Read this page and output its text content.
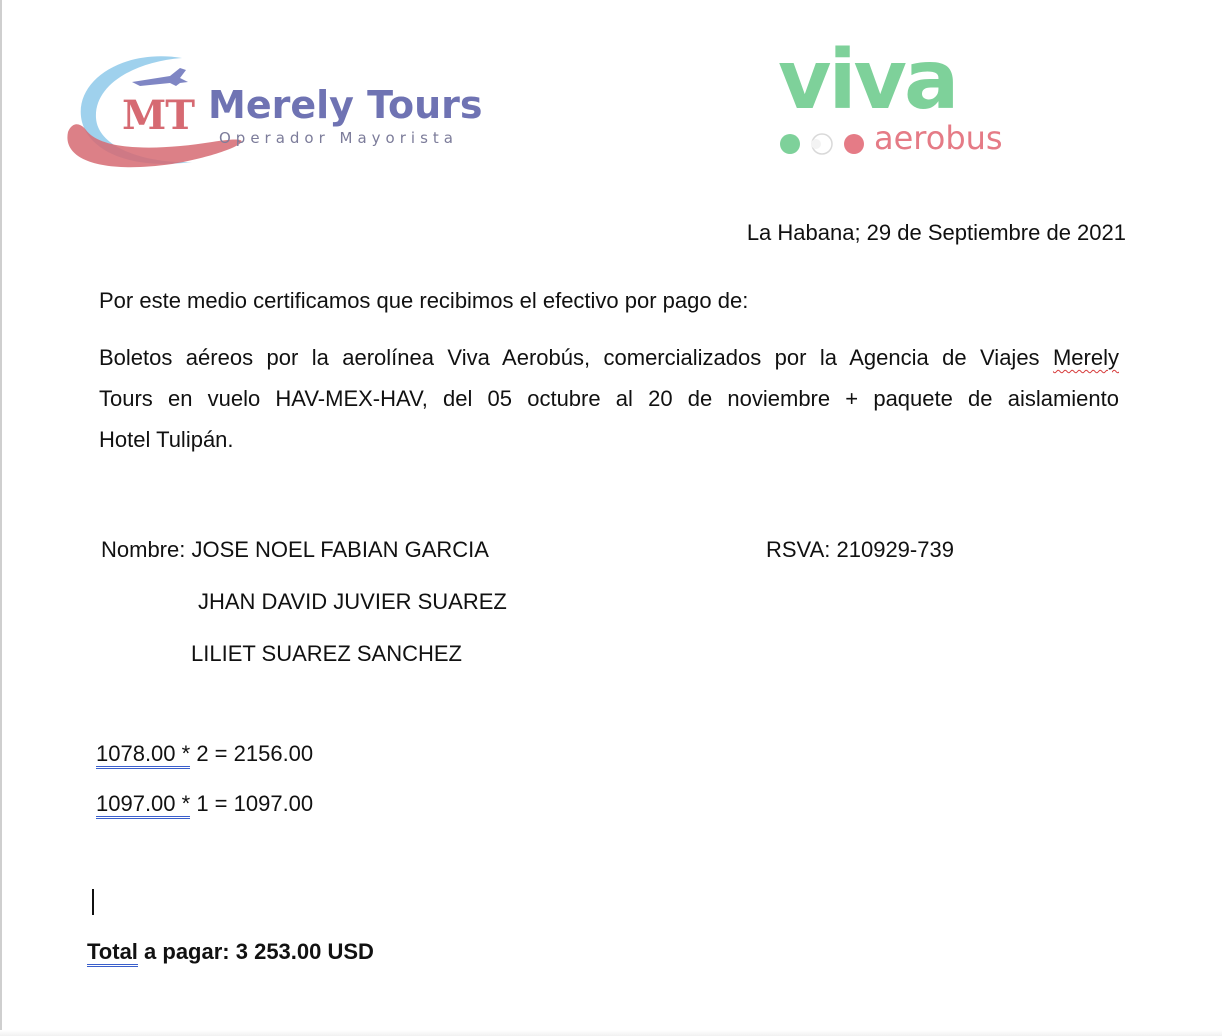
MT Merely Tours
Operador Mayorista
viva
aerobus
La Habana; 29 de Septiembre de 2021
Por este medio certificamos que recibimos el efectivo por pago de:
Boletos aéreos por la aerolínea Viva Aerobús, comercializados por la Agencia de Viajes Merely
Tours en vuelo HAV-MEX-HAV, del 05 octubre al 20 de noviembre + paquete de aislamiento
Hotel Tulipán.
Nombre: JOSE NOEL FABIAN GARCIA	RSVA: 210929-739
JHAN DAVID JUVIER SUAREZ
LILIET SUAREZ SANCHEZ
1078.00 * 2 = 2156.00
1097.00 * 1 = 1097.00
Total a pagar: 3 253.00 USD
